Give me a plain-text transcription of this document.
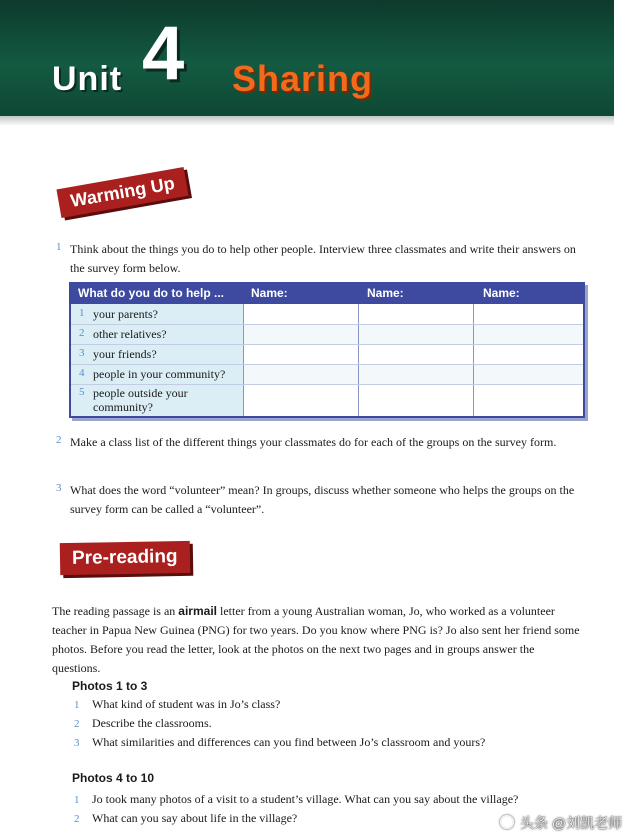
Unit 4 Sharing
Warming Up
1 Think about the things you do to help other people. Interview three classmates and write their answers on the survey form below.
What do you do to help ... Name:	Name:	Name:
1 your parents?
2 other relatives?
3 your friends?
4 people in your community?
5 people outside your community?
2 Make a class list of the different things your classmates do for each of the groups on the survey form.
3 What does the word “volunteer” mean? In groups, discuss whether someone who helps the groups on the survey form can be called a “volunteer”.
Pre-reading
The reading passage is an airmail letter from a young Australian woman, Jo, who worked as a volunteer teacher in Papua New Guinea (PNG) for two years. Do you know where PNG is? Jo also sent her friend some photos. Before you read the letter, look at the photos on the next two pages and in groups answer the questions.
Photos 1 to 3
1 What kind of student was in Jo’s class?
2 Describe the classrooms.
3 What similarities and differences can you find between Jo’s classroom and yours?
Photos 4 to 10
1 Jo took many photos of a visit to a student’s village. What can you say about the village?
2 What can you say about life in the village?	头条 @刘凯老师
